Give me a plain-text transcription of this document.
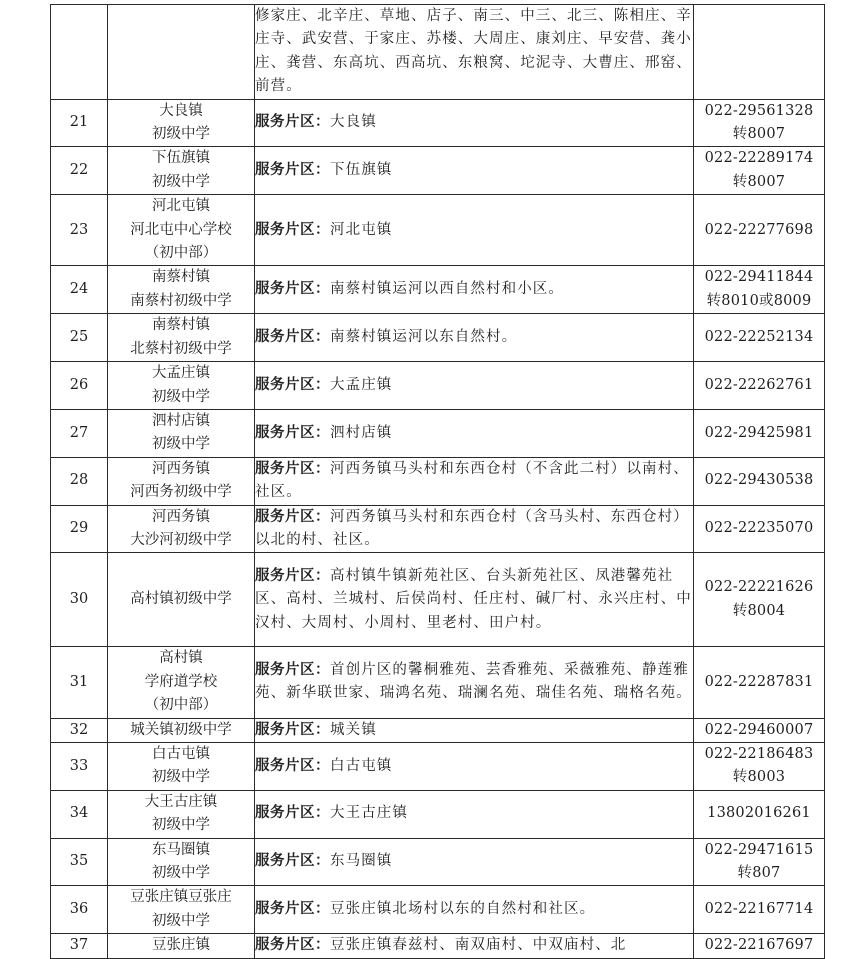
		修家庄、北辛庄、草地、店子、南三、中三、北三、陈相庄、辛庄寺、武安营、于家庄、苏楼、大周庄、康刘庄、早安营、龚小庄、龚营、东高坑、西高坑、东粮窝、坨泥寺、大曹庄、邢窑、前营。	
21	大良镇
初级中学	服务片区：大良镇	022-29561328
转8007
22	下伍旗镇
初级中学	服务片区：下伍旗镇	022-22289174
转8007
23	河北屯镇
河北屯中心学校
（初中部）	服务片区：河北屯镇	022-22277698
24	南蔡村镇
南蔡村初级中学	服务片区：南蔡村镇运河以西自然村和小区。	022-29411844
转8010或8009
25	南蔡村镇
北蔡村初级中学	服务片区：南蔡村镇运河以东自然村。	022-22252134
26	大孟庄镇
初级中学	服务片区：大孟庄镇	022-22262761
27	泗村店镇
初级中学	服务片区：泗村店镇	022-29425981
28	河西务镇
河西务初级中学	服务片区：河西务镇马头村和东西仓村（不含此二村）以南村、社区。	022-29430538
29	河西务镇
大沙河初级中学	服务片区：河西务镇马头村和东西仓村（含马头村、东西仓村）以北的村、社区。	022-22235070
30	高村镇初级中学	服务片区：高村镇牛镇新苑社区、台头新苑社区、凤港馨苑社区、高村、兰城村、后侯尚村、任庄村、碱厂村、永兴庄村、中汉村、大周村、小周村、里老村、田户村。	022-22221626
转8004
31	高村镇
学府道学校
（初中部）	服务片区：首创片区的馨桐雅苑、芸香雅苑、采薇雅苑、静莲雅苑、新华联世家、瑞鸿名苑、瑞澜名苑、瑞佳名苑、瑞格名苑。	022-22287831
32	城关镇初级中学	服务片区：城关镇	022-29460007
33	白古屯镇
初级中学	服务片区：白古屯镇	022-22186483
转8003
34	大王古庄镇
初级中学	服务片区：大王古庄镇	13802016261
35	东马圈镇
初级中学	服务片区：东马圈镇	022-29471615
转807
36	豆张庄镇豆张庄
初级中学	服务片区：豆张庄镇北场村以东的自然村和社区。	022-22167714
37	豆张庄镇	服务片区：豆张庄镇春兹村、南双庙村、中双庙村、北	022-22167697
